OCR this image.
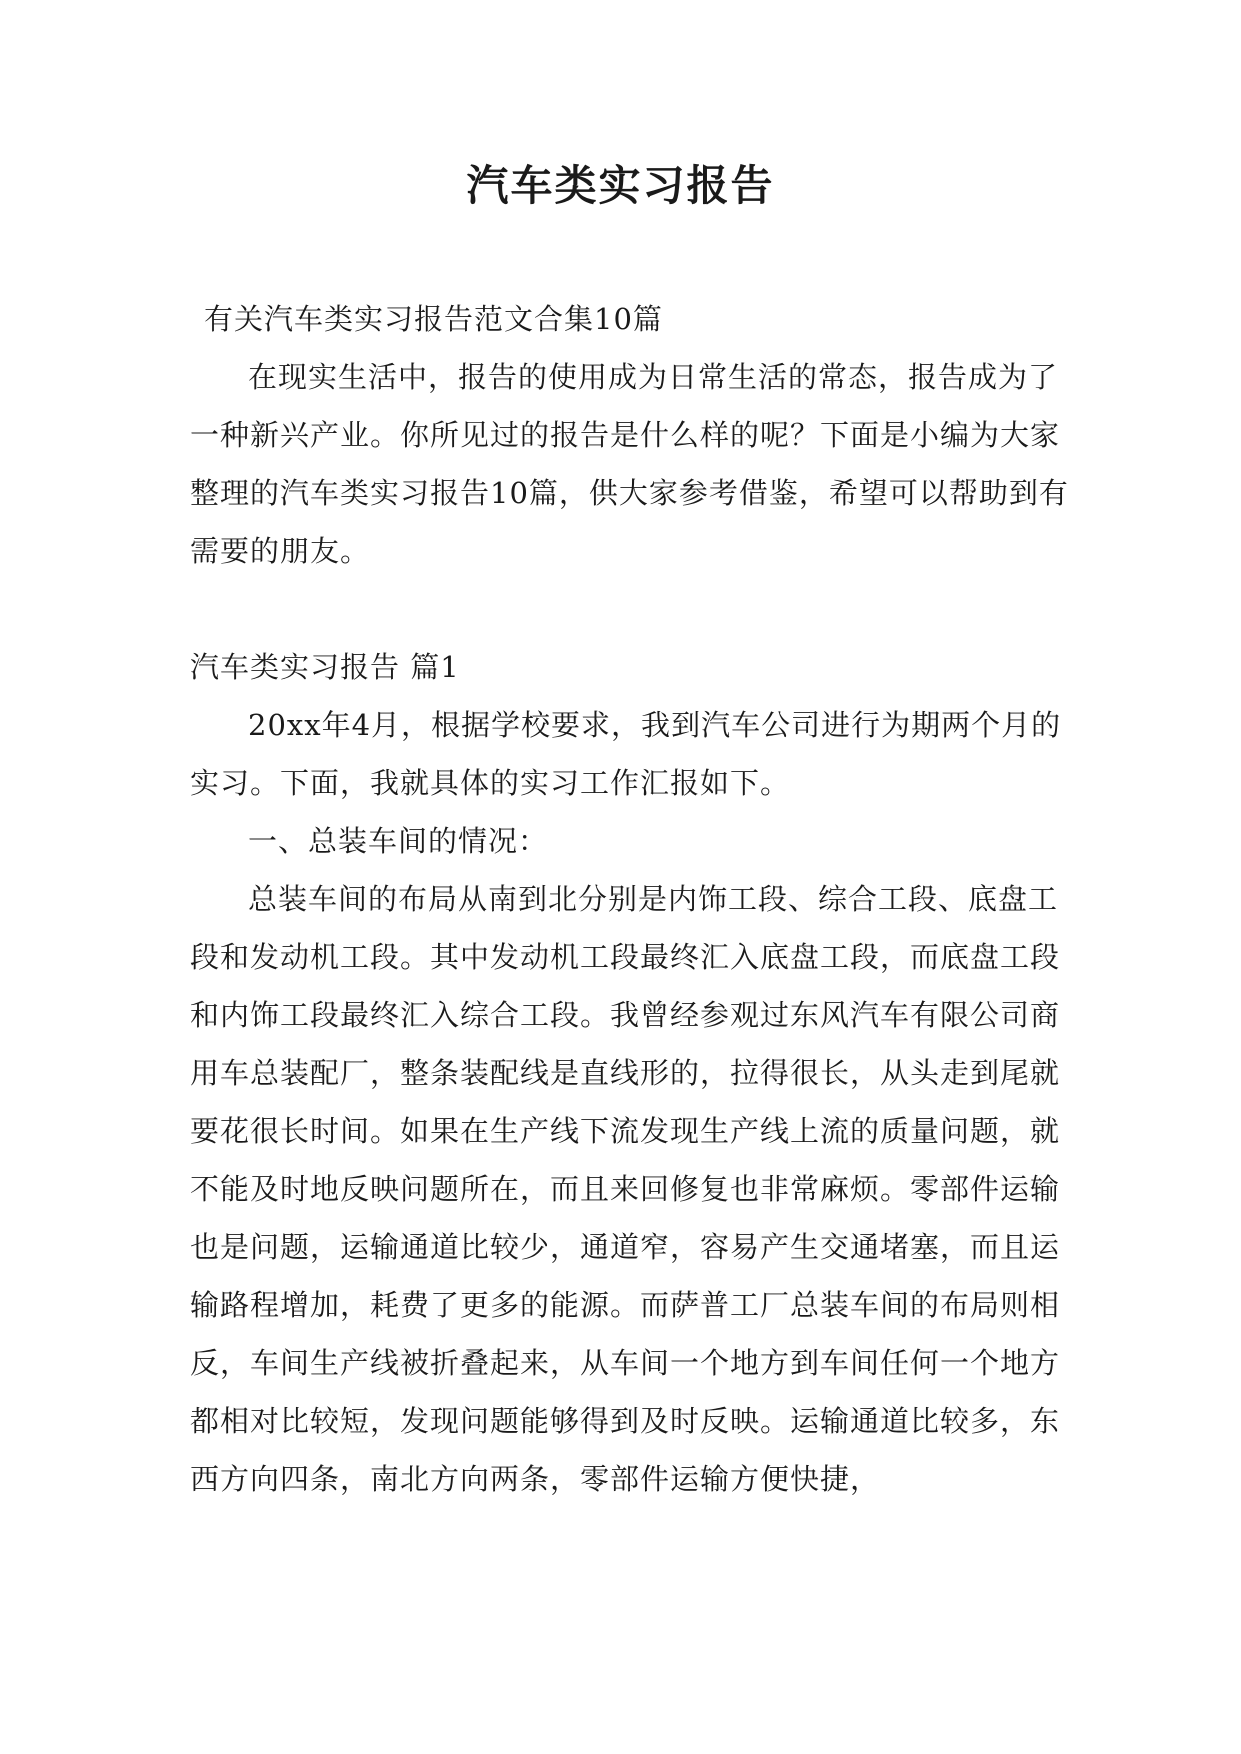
汽车类实习报告

有关汽车类实习报告范文合集10篇

在现实生活中，报告的使用成为日常生活的常态，报告成为了一种新兴产业。你所见过的报告是什么样的呢？下面是小编为大家整理的汽车类实习报告10篇，供大家参考借鉴，希望可以帮助到有需要的朋友。

汽车类实习报告 篇1

20xx年4月，根据学校要求，我到汽车公司进行为期两个月的实习。下面，我就具体的实习工作汇报如下。

一、总装车间的情况：

总装车间的布局从南到北分别是内饰工段、综合工段、底盘工段和发动机工段。其中发动机工段最终汇入底盘工段，而底盘工段和内饰工段最终汇入综合工段。我曾经参观过东风汽车有限公司商用车总装配厂，整条装配线是直线形的，拉得很长，从头走到尾就要花很长时间。如果在生产线下流发现生产线上流的质量问题，就不能及时地反映问题所在，而且来回修复也非常麻烦。零部件运输也是问题，运输通道比较少，通道窄，容易产生交通堵塞，而且运输路程增加，耗费了更多的能源。而萨普工厂总装车间的布局则相反，车间生产线被折叠起来，从车间一个地方到车间任何一个地方都相对比较短，发现问题能够得到及时反映。运输通道比较多，东西方向四条，南北方向两条，零部件运输方便快捷，
